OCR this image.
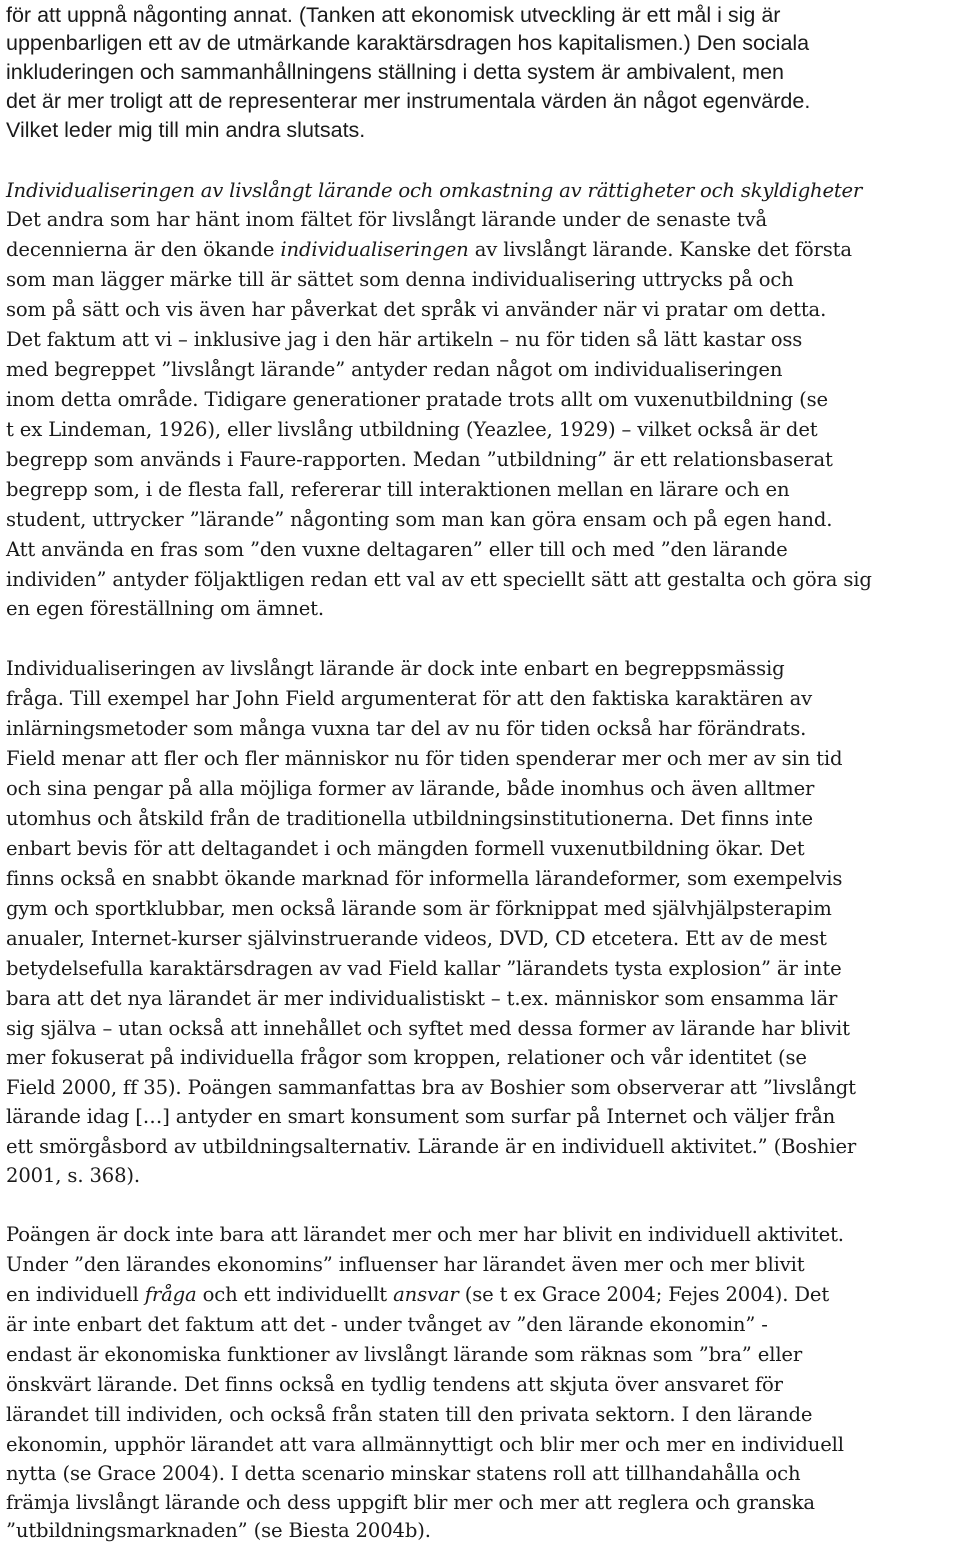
för att uppnå någonting annat. (Tanken att ekonomisk utveckling är ett mål i sig är
uppenbarligen ett av de utmärkande karaktärsdragen hos kapitalismen.) Den sociala
inkluderingen och sammanhållningens ställning i detta system är ambivalent, men
det är mer troligt att de representerar mer instrumentala värden än något egenvärde.
Vilket leder mig till min andra slutsats.
Individualiseringen av livslångt lärande och omkastning av rättigheter och skyldigheter
Det andra som har hänt inom fältet för livslångt lärande under de senaste två
decennierna är den ökande individualiseringen av livslångt lärande. Kanske det första
som man lägger märke till är sättet som denna individualisering uttrycks på och
som på sätt och vis även har påverkat det språk vi använder när vi pratar om detta.
Det faktum att vi – inklusive jag i den här artikeln – nu för tiden så lätt kastar oss
med begreppet ”livslångt lärande” antyder redan något om individualiseringen
inom detta område. Tidigare generationer pratade trots allt om vuxenutbildning (se
t ex Lindeman, 1926), eller livslång utbildning (Yeazlee, 1929) – vilket också är det
begrepp som används i Faure-rapporten. Medan ”utbildning” är ett relationsbaserat
begrepp som, i de flesta fall, refererar till interaktionen mellan en lärare och en
student, uttrycker ”lärande” någonting som man kan göra ensam och på egen hand.
Att använda en fras som ”den vuxne deltagaren” eller till och med ”den lärande
individen” antyder följaktligen redan ett val av ett speciellt sätt att gestalta och göra sig
en egen föreställning om ämnet.
Individualiseringen av livslångt lärande är dock inte enbart en begreppsmässig
fråga. Till exempel har John Field argumenterat för att den faktiska karaktären av
inlärningsmetoder som många vuxna tar del av nu för tiden också har förändrats.
Field menar att fler och fler människor nu för tiden spenderar mer och mer av sin tid
och sina pengar på alla möjliga former av lärande, både inomhus och även alltmer
utomhus och åtskild från de traditionella utbildningsinstitutionerna. Det finns inte
enbart bevis för att deltagandet i och mängden formell vuxenutbildning ökar. Det
finns också en snabbt ökande marknad för informella lärandeformer, som exempelvis
gym och sportklubbar, men också lärande som är förknippat med självhjälpsterapim
anualer, Internet-kurser självinstruerande videos, DVD, CD etcetera. Ett av de mest
betydelsefulla karaktärsdragen av vad Field kallar ”lärandets tysta explosion” är inte
bara att det nya lärandet är mer individualistiskt – t.ex. människor som ensamma lär
sig själva – utan också att innehållet och syftet med dessa former av lärande har blivit
mer fokuserat på individuella frågor som kroppen, relationer och vår identitet (se
Field 2000, ff 35). Poängen sammanfattas bra av Boshier som observerar att ”livslångt
lärande idag […] antyder en smart konsument som surfar på Internet och väljer från
ett smörgåsbord av utbildningsalternativ. Lärande är en individuell aktivitet.” (Boshier
2001, s. 368).
Poängen är dock inte bara att lärandet mer och mer har blivit en individuell aktivitet.
Under ”den lärandes ekonomins” influenser har lärandet även mer och mer blivit
en individuell fråga och ett individuellt ansvar (se t ex Grace 2004; Fejes 2004). Det
är inte enbart det faktum att det - under tvånget av ”den lärande ekonomin” -
endast är ekonomiska funktioner av livslångt lärande som räknas som ”bra” eller
önskvärt lärande. Det finns också en tydlig tendens att skjuta över ansvaret för
lärandet till individen, och också från staten till den privata sektorn. I den lärande
ekonomin, upphör lärandet att vara allmännyttigt och blir mer och mer en individuell
nytta (se Grace 2004). I detta scenario minskar statens roll att tillhandahålla och
främja livslångt lärande och dess uppgift blir mer och mer att reglera och granska
”utbildningsmarknaden” (se Biesta 2004b).
